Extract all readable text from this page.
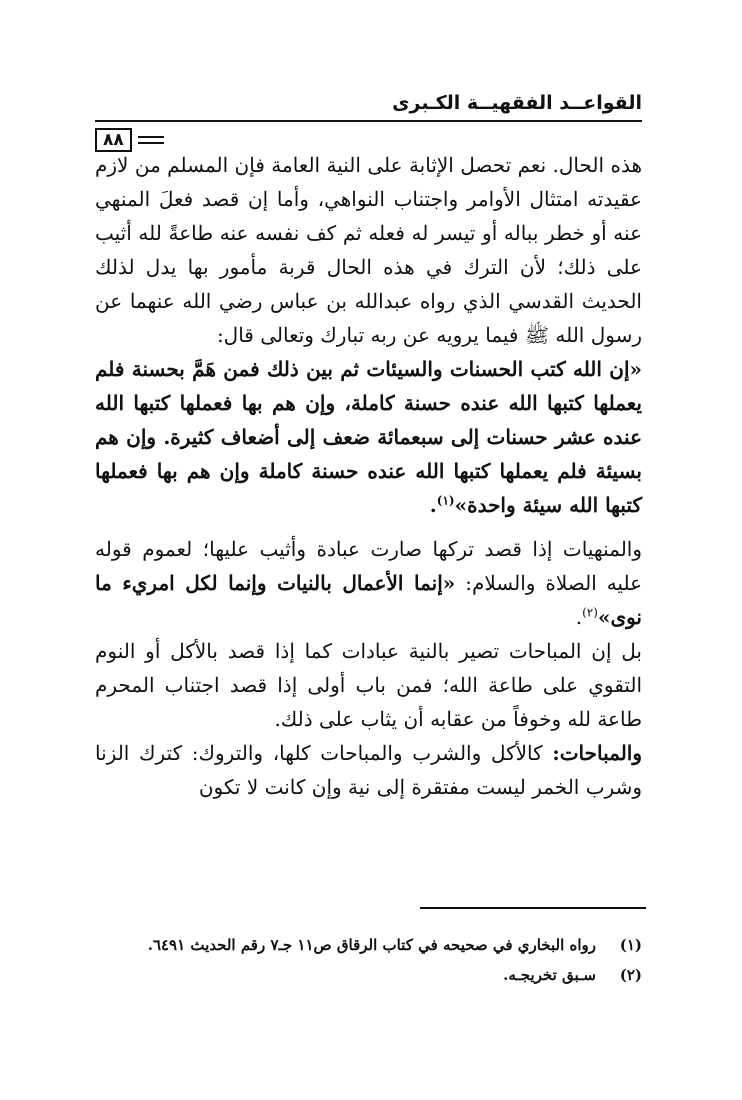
القواعــد الفقهيــة الكـبرى
٨٨

هذه الحال. نعم تحصل الإثابة على النية العامة فإن المسلم من لازم عقيدته امتثال الأوامر واجتناب النواهي، وأما إن قصد فعلَ المنهي عنه أو خطر بباله أو تيسر له فعله ثم كف نفسه عنه طاعةً لله أثيب على ذلك؛ لأن الترك في هذه الحال قربة مأمور بها يدل لذلك الحديث القدسي الذي رواه عبدالله بن عباس رضي الله عنهما عن رسول الله ﷺ فيما يرويه عن ربه تبارك وتعالى قال:

«إن الله كتب الحسنات والسيئات ثم بين ذلك فمن هَمَّ بحسنة فلم يعملها كتبها الله عنده حسنة كاملة، وإن هم بها فعملها كتبها الله عنده عشر حسنات إلى سبعمائة ضعف إلى أضعاف كثيرة. وإن هم بسيئة فلم يعملها كتبها الله عنده حسنة كاملة وإن هم بها فعملها كتبها الله سيئة واحدة»$^{(١)}$.

والمنهيات إذا قصد تركها صارت عبادة وأثيب عليها؛ لعموم قوله عليه الصلاة والسلام: «إنما الأعمال بالنيات وإنما لكل امريء ما نوى»$^{(٢)}$.

بل إن المباحات تصير بالنية عبادات كما إذا قصد بالأكل أو النوم التقوي على طاعة الله؛ فمن باب أولى إذا قصد اجتناب المحرم طاعة لله وخوفاً من عقابه أن يثاب على ذلك.

والمباحات: كالأكل والشرب والمباحات كلها، والتروك: كترك الزنا وشرب الخمر ليست مفتقرة إلى نية وإن كانت لا تكون

(١)
رواه البخاري في صحيحه في كتاب الرقاق ص١١ جـ٧ رقم الحديث ٦٤٩١.
(٢)
سـبق تخريجـه.
